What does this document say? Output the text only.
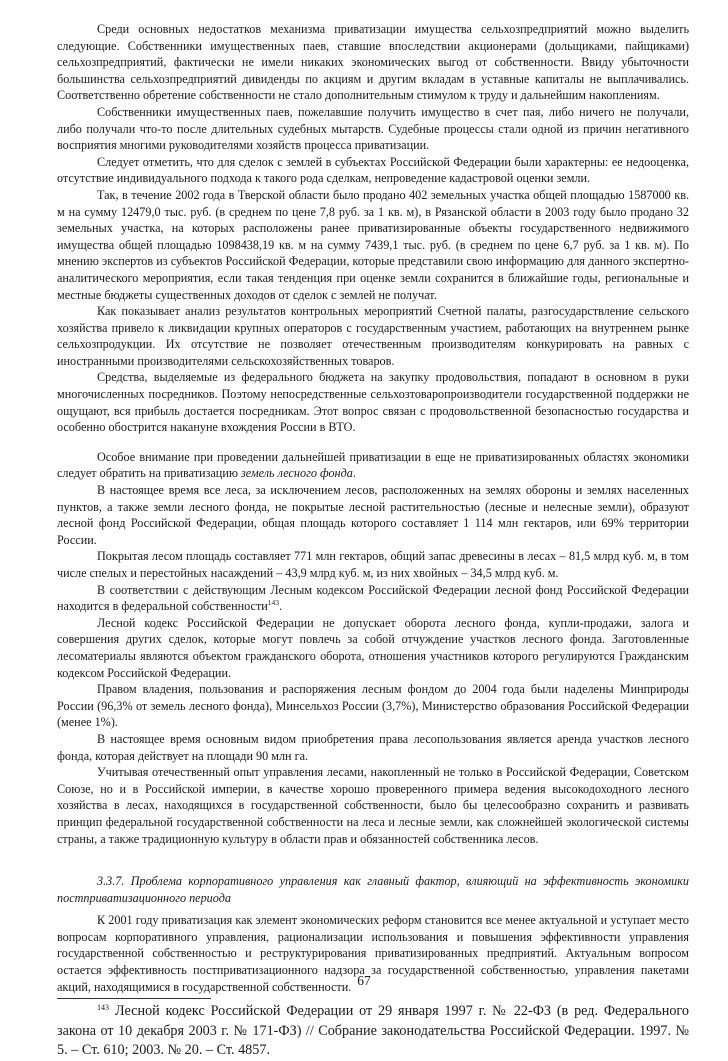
Среди основных недостатков механизма приватизации имущества сельхозпредприятий можно выделить следующие. Собственники имущественных паев, ставшие впоследствии акционерами (дольщиками, пайщиками) сельхозпредприятий, фактически не имели никаких экономических выгод от собственности. Ввиду убыточности большинства сельхозпредприятий дивиденды по акциям и другим вкладам в уставные капиталы не выплачивались. Соответственно обретение собственности не стало дополнительным стимулом к труду и дальнейшим накоплениям.

Собственники имущественных паев, пожелавшие получить имущество в счет пая, либо ничего не получали, либо получали что-то после длительных судебных мытарств. Судебные процессы стали одной из причин негативного восприятия многими руководителями хозяйств процесса приватизации.

Следует отметить, что для сделок с землей в субъектах Российской Федерации были характерны: ее недооценка, отсутствие индивидуального подхода к такого рода сделкам, непроведение кадастровой оценки земли.

Так, в течение 2002 года в Тверской области было продано 402 земельных участка общей площадью 1587000 кв. м на сумму 12479,0 тыс. руб. (в среднем по цене 7,8 руб. за 1 кв. м), в Рязанской области в 2003 году было продано 32 земельных участка, на которых расположены ранее приватизированные объекты государственного недвижимого имущества общей площадью 1098438,19 кв. м на сумму 7439,1 тыс. руб. (в среднем по цене 6,7 руб. за 1 кв. м). По мнению экспертов из субъектов Российской Федерации, которые представили свою информацию для данного экспертно-аналитического мероприятия, если такая тенденция при оценке земли сохранится в ближайшие годы, региональные и местные бюджеты существенных доходов от сделок с землей не получат.

Как показывает анализ результатов контрольных мероприятий Счетной палаты, разгосударствление сельского хозяйства привело к ликвидации крупных операторов с государственным участием, работающих на внутреннем рынке сельхозпродукции. Их отсутствие не позволяет отечественным производителям конкурировать на равных с иностранными производителями сельскохозяйственных товаров.

Средства, выделяемые из федерального бюджета на закупку продовольствия, попадают в основном в руки многочисленных посредников. Поэтому непосредственные сельхозтоваропроизводители государственной поддержки не ощущают, вся прибыль достается посредникам. Этот вопрос связан с продовольственной безопасностью государства и особенно обострится накануне вхождения России в ВТО.

Особое внимание при проведении дальнейшей приватизации в еще не приватизированных областях экономики следует обратить на приватизацию земель лесного фонда.

В настоящее время все леса, за исключением лесов, расположенных на землях обороны и землях населенных пунктов, а также земли лесного фонда, не покрытые лесной растительностью (лесные и нелесные земли), образуют лесной фонд Российской Федерации, общая площадь которого составляет 1 114 млн гектаров, или 69% территории России.

Покрытая лесом площадь составляет 771 млн гектаров, общий запас древесины в лесах – 81,5 млрд куб. м, в том числе спелых и перестойных насаждений – 43,9 млрд куб. м, из них хвойных – 34,5 млрд куб. м.

В соответствии с действующим Лесным кодексом Российской Федерации лесной фонд Российской Федерации находится в федеральной собственности$^{143}$.

Лесной кодекс Российской Федерации не допускает оборота лесного фонда, купли-продажи, залога и совершения других сделок, которые могут повлечь за собой отчуждение участков лесного фонда. Заготовленные лесоматериалы являются объектом гражданского оборота, отношения участников которого регулируются Гражданским кодексом Российской Федерации.

Правом владения, пользования и распоряжения лесным фондом до 2004 года были наделены Минприроды России (96,3% от земель лесного фонда), Минсельхоз России (3,7%), Министерство образования Российской Федерации (менее 1%).

В настоящее время основным видом приобретения права лесопользования является аренда участков лесного фонда, которая действует на площади 90 млн га.

Учитывая отечественный опыт управления лесами, накопленный не только в Российской Федерации, Советском Союзе, но и в Российской империи, в качестве хорошо проверенного примера ведения высокодоходного лесного хозяйства в лесах, находящихся в государственной собственности, было бы целесообразно сохранить и развивать принцип федеральной государственной собственности на леса и лесные земли, как сложнейшей экологической системы страны, а также традиционную культуру в области прав и обязанностей собственника лесов.

3.3.7. Проблема корпоративного управления как главный фактор, влияющий на эффективность экономики постприватизационного периода

К 2001 году приватизация как элемент экономических реформ становится все менее актуальной и уступает место вопросам корпоративного управления, рационализации использования и повышения эффективности управления государственной собственностью и реструктурирования приватизированных предприятий. Актуальным вопросом остается эффективность постприватизационного надзора за государственной собственностью, управления пакетами акций, находящимися в государственной собственности.

$^{143}$ Лесной кодекс Российской Федерации от 29 января 1997 г. № 22-ФЗ (в ред. Федерального закона от 10 декабря 2003 г. № 171-ФЗ) // Собрание законодательства Российской Федерации. 1997. № 5. – Ст. 610; 2003. № 20. – Ст. 4857.

67
